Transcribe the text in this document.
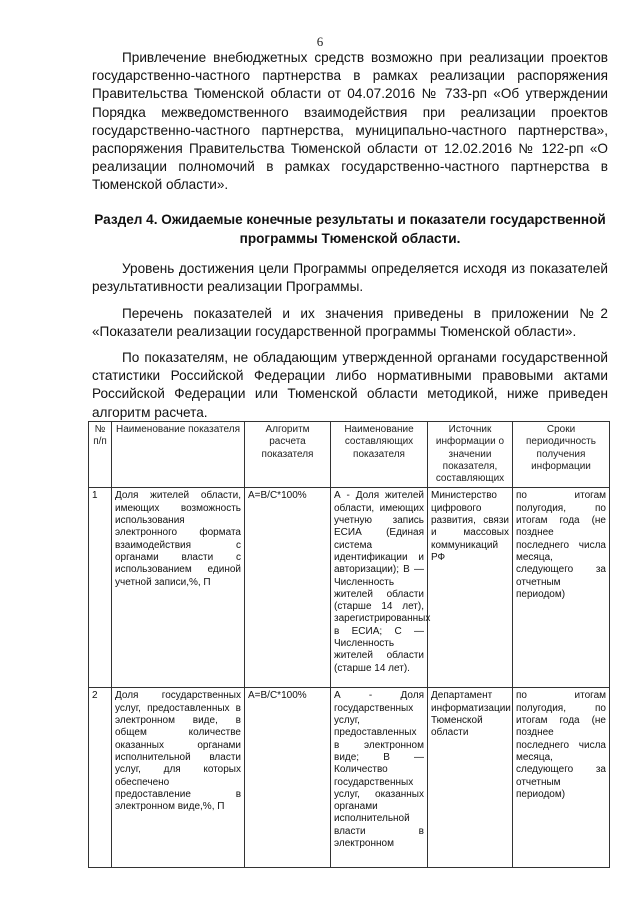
6

Привлечение внебюджетных средств возможно при реализации проектов государственно-частного партнерства в рамках реализации распоряжения Правительства Тюменской области от 04.07.2016 № 733-рп «Об утверждении Порядка межведомственного взаимодействия при реализации проектов государственно-частного партнерства, муниципально-частного партнерства», распоряжения Правительства Тюменской области от 12.02.2016 № 122-рп «О реализации полномочий в рамках государственно-частного партнерства в Тюменской области».

Раздел 4. Ожидаемые конечные результаты и показатели государственной программы Тюменской области.

Уровень достижения цели Программы определяется исходя из показателей результативности реализации Программы.

Перечень показателей и их значения приведены в приложении №2 «Показатели реализации государственной программы Тюменской области».

По показателям, не обладающим утвержденной органами государственной статистики Российской Федерации либо нормативными правовыми актами Российской Федерации или Тюменской области методикой, ниже приведен алгоритм расчета.

№ п/п	Наименование показателя	Алгоритм расчета показателя	Наименование составляющих показателя	Источник информации о значении показателя, составляющих	Сроки периодичность получения информации
1	Доля жителей области, имеющих возможность использования электронного формата взаимодействия с органами власти с использованием единой учетной записи,%, П	A=B/C*100%	А - Доля жителей области, имеющих учетную запись ЕСИА (Единая система идентификации и авторизации); В — Численность жителей области (старше 14 лет), зарегистрированных в ЕСИА; С — Численность жителей области (старше 14 лет).	Министерство цифрового развития, связи и массовых коммуникаций РФ	по итогам полугодия, по итогам года (не позднее последнего числа месяца, следующего за отчетным периодом)
2	Доля государственных услуг, предоставленных в электронном виде, в общем количестве оказанных органами исполнительной власти услуг, для которых обеспечено предоставление в электронном виде,%, П	A=B/C*100%	А - Доля государственных услуг, предоставленных в электронном виде; В — Количество государственных услуг, оказанных органами исполнительной власти в электронном	Департамент информатизации Тюменской области	по итогам полугодия, по итогам года (не позднее последнего числа месяца, следующего за отчетным периодом)
